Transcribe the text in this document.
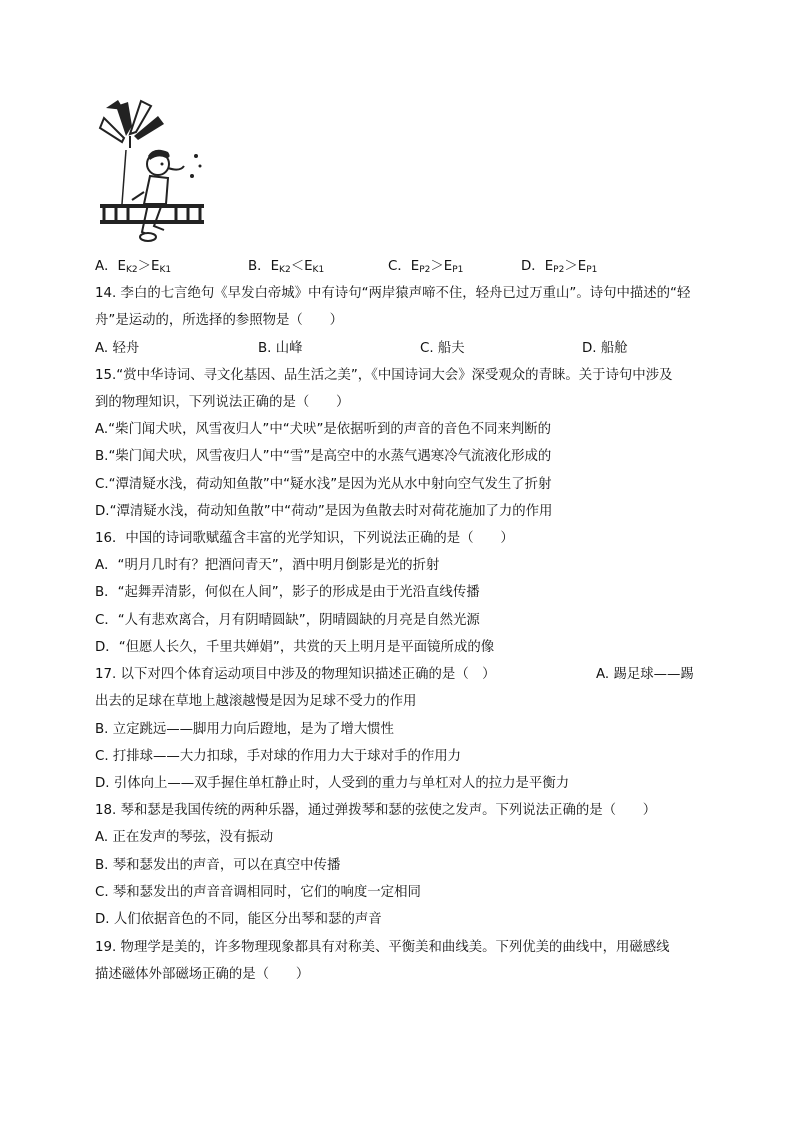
A．$E_{K2}>E_{K1}$	B．$E_{K2}<E_{K1}$	C．$E_{P2}>E_{P1}$	D．$E_{P2}>E_{P1}$
14. 李白的七言绝句《早发白帝城》中有诗句“两岸猿声啼不住，轻舟已过万重山”。诗句中描述的“轻
舟”是运动的，所选择的参照物是（　　）
A. 轻舟	B. 山峰	C. 船夫	D. 船舱
15.“赏中华诗词、寻文化基因、品生活之美”，《中国诗词大会》深受观众的青睐。关于诗句中涉及
到的物理知识，下列说法正确的是（　　）
A.“柴门闻犬吠，风雪夜归人”中“犬吠”是依据听到的声音的音色不同来判断的
B.“柴门闻犬吠，风雪夜归人”中“雪”是高空中的水蒸气遇寒冷气流液化形成的
C.“潭清疑水浅，荷动知鱼散”中“疑水浅”是因为光从水中射向空气发生了折射
D.“潭清疑水浅，荷动知鱼散”中“荷动”是因为鱼散去时对荷花施加了力的作用
16．中国的诗词歌赋蕴含丰富的光学知识，下列说法正确的是（　　）
A．“明月几时有？把酒问青天”，酒中明月倒影是光的折射
B．“起舞弄清影，何似在人间”，影子的形成是由于光沿直线传播
C．“人有悲欢离合，月有阴晴圆缺”，阴晴圆缺的月亮是自然光源
D．“但愿人长久，千里共婵娟”，共赏的天上明月是平面镜所成的像
17. 以下对四个体育运动项目中涉及的物理知识描述正确的是（　）	A. 踢足球——踢
出去的足球在草地上越滚越慢是因为足球不受力的作用
B. 立定跳远——脚用力向后蹬地，是为了增大惯性
C. 打排球——大力扣球，手对球的作用力大于球对手的作用力
D. 引体向上——双手握住单杠静止时，人受到的重力与单杠对人的拉力是平衡力
18. 琴和瑟是我国传统的两种乐器，通过弹拨琴和瑟的弦使之发声。下列说法正确的是（　　）
A. 正在发声的琴弦，没有振动
B. 琴和瑟发出的声音，可以在真空中传播
C. 琴和瑟发出的声音音调相同时，它们的响度一定相同
D. 人们依据音色的不同，能区分出琴和瑟的声音
19. 物理学是美的，许多物理现象都具有对称美、平衡美和曲线美。下列优美的曲线中，用磁感线
描述磁体外部磁场正确的是（　　）
